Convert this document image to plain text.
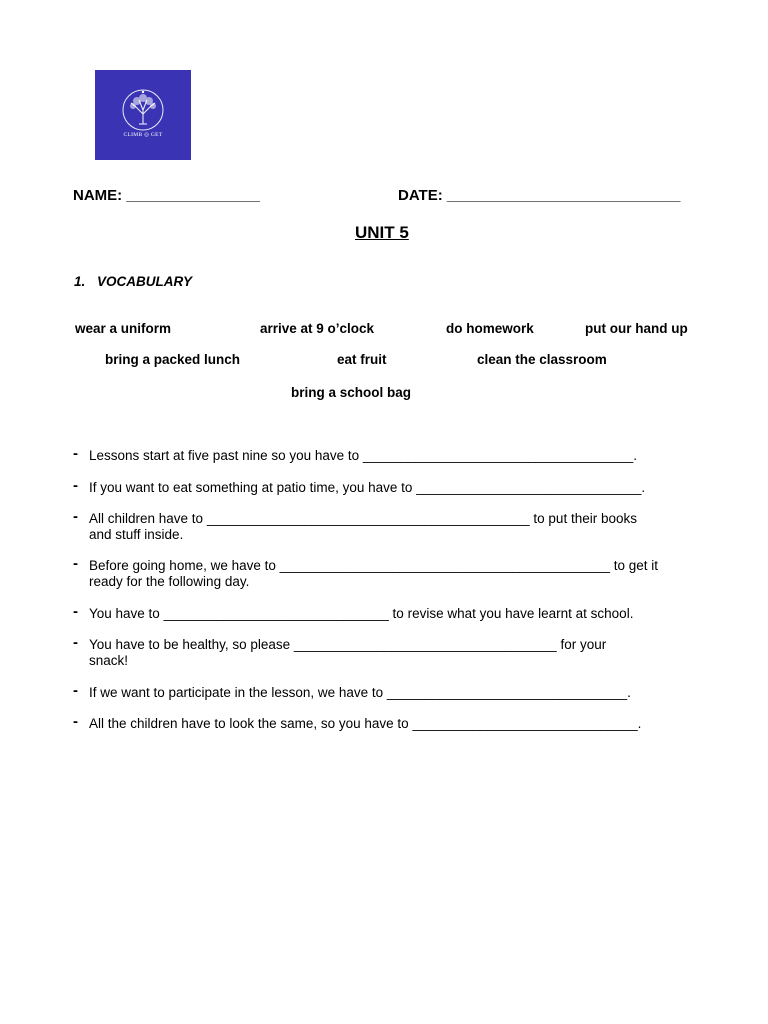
CLIMB ◎ GET
NAME: ________________	DATE: ____________________________
UNIT 5
1. VOCABULARY
wear a uniform	arrive at 9 o’clock	do homework	put our hand up
bring a packed lunch	eat fruit	clean the classroom
bring a school bag
- Lessons start at five past nine so you have to ____________________________________.
- If you want to eat something at patio time, you have to ______________________________.
- All children have to ___________________________________________ to put their books
and stuff inside.
- Before going home, we have to ____________________________________________ to get it
ready for the following day.
- You have to ______________________________ to revise what you have learnt at school.
- You have to be healthy, so please ___________________________________ for your
snack!
- If we want to participate in the lesson, we have to ________________________________.
- All the children have to look the same, so you have to ______________________________.
